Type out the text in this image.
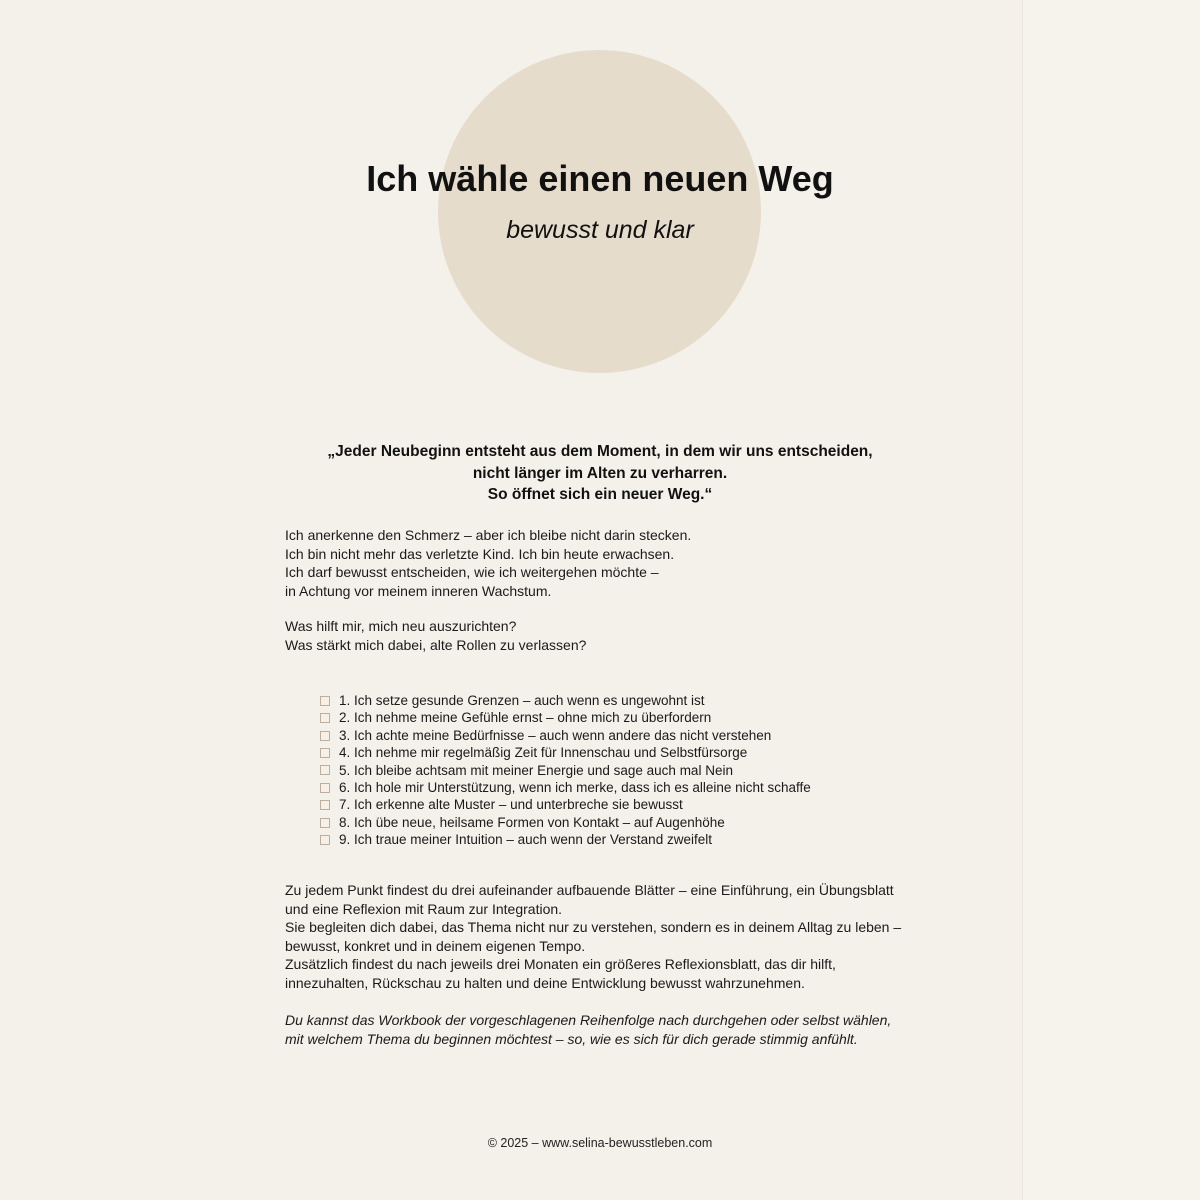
Ich wähle einen neuen Weg
bewusst und klar
„Jeder Neubeginn entsteht aus dem Moment, in dem wir uns entscheiden,
nicht länger im Alten zu verharren.
So öffnet sich ein neuer Weg.“
Ich anerkenne den Schmerz – aber ich bleibe nicht darin stecken.
Ich bin nicht mehr das verletzte Kind. Ich bin heute erwachsen.
Ich darf bewusst entscheiden, wie ich weitergehen möchte –
in Achtung vor meinem inneren Wachstum.
Was hilft mir, mich neu auszurichten?
Was stärkt mich dabei, alte Rollen zu verlassen?
1. Ich setze gesunde Grenzen – auch wenn es ungewohnt ist
2. Ich nehme meine Gefühle ernst – ohne mich zu überfordern
3. Ich achte meine Bedürfnisse – auch wenn andere das nicht verstehen
4. Ich nehme mir regelmäßig Zeit für Innenschau und Selbstfürsorge
5. Ich bleibe achtsam mit meiner Energie und sage auch mal Nein
6. Ich hole mir Unterstützung, wenn ich merke, dass ich es alleine nicht schaffe
7. Ich erkenne alte Muster – und unterbreche sie bewusst
8. Ich übe neue, heilsame Formen von Kontakt – auf Augenhöhe
9. Ich traue meiner Intuition – auch wenn der Verstand zweifelt
Zu jedem Punkt findest du drei aufeinander aufbauende Blätter – eine Einführung, ein Übungsblatt
und eine Reflexion mit Raum zur Integration.
Sie begleiten dich dabei, das Thema nicht nur zu verstehen, sondern es in deinem Alltag zu leben –
bewusst, konkret und in deinem eigenen Tempo.
Zusätzlich findest du nach jeweils drei Monaten ein größeres Reflexionsblatt, das dir hilft,
innezuhalten, Rückschau zu halten und deine Entwicklung bewusst wahrzunehmen.
Du kannst das Workbook der vorgeschlagenen Reihenfolge nach durchgehen oder selbst wählen,
mit welchem Thema du beginnen möchtest – so, wie es sich für dich gerade stimmig anfühlt.
© 2025 – www.selina-bewusstleben.com
